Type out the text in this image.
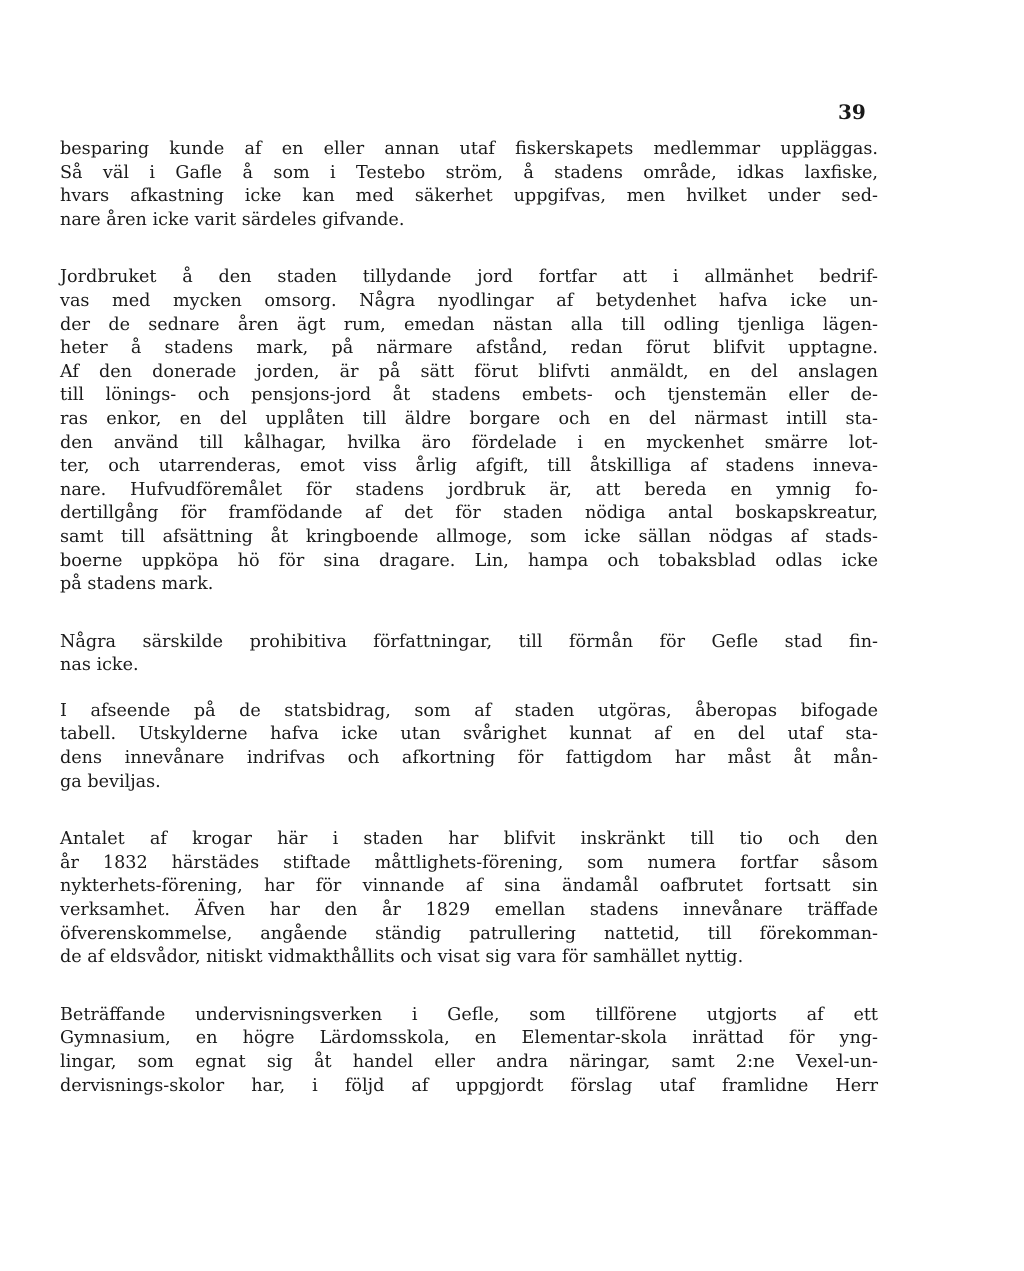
39
besparing kunde af en eller annan utaf fiskerskapets medlemmar uppläggas.
Så väl i Gafle å som i Testebo ström, å stadens område, idkas laxfiske,
hvars afkastning icke kan med säkerhet uppgifvas, men hvilket under sed-
nare åren icke varit särdeles gifvande.
Jordbruket å den staden tillydande jord fortfar att i allmänhet bedrif-
vas med mycken omsorg. Några nyodlingar af betydenhet hafva icke un-
der de sednare åren ägt rum, emedan nästan alla till odling tjenliga lägen-
heter å stadens mark, på närmare afstånd, redan förut blifvit upptagne.
Af den donerade jorden, är på sätt förut blifvti anmäldt, en del anslagen
till lönings- och pensjons-jord åt stadens embets- och tjenstemän eller de-
ras enkor, en del upplåten till äldre borgare och en del närmast intill sta-
den använd till kålhagar, hvilka äro fördelade i en myckenhet smärre lot-
ter, och utarrenderas, emot viss årlig afgift, till åtskilliga af stadens inneva-
nare. Hufvudföremålet för stadens jordbruk är, att bereda en ymnig fo-
dertillgång för framfödande af det för staden nödiga antal boskapskreatur,
samt till afsättning åt kringboende allmoge, som icke sällan nödgas af stads-
boerne uppköpa hö för sina dragare. Lin, hampa och tobaksblad odlas icke
på stadens mark.
Några särskilde prohibitiva författningar, till förmån för Gefle stad fin-
nas icke.
I afseende på de statsbidrag, som af staden utgöras, åberopas bifogade
tabell. Utskylderne hafva icke utan svårighet kunnat af en del utaf sta-
dens innevånare indrifvas och afkortning för fattigdom har måst åt mån-
ga beviljas.
Antalet af krogar här i staden har blifvit inskränkt till tio och den
år 1832 härstädes stiftade måttlighets-förening, som numera fortfar såsom
nykterhets-förening, har för vinnande af sina ändamål oafbrutet fortsatt sin
verksamhet. Äfven har den år 1829 emellan stadens innevånare träffade
öfverenskommelse, angående ständig patrullering nattetid, till förekomman-
de af eldsvådor, nitiskt vidmakthållits och visat sig vara för samhället nyttig.
Beträffande undervisningsverken i Gefle, som tillförene utgjorts af ett
Gymnasium, en högre Lärdomsskola, en Elementar-skola inrättad för yng-
lingar, som egnat sig åt handel eller andra näringar, samt 2:ne Vexel-un-
dervisnings-skolor har, i följd af uppgjordt förslag utaf framlidne Herr
